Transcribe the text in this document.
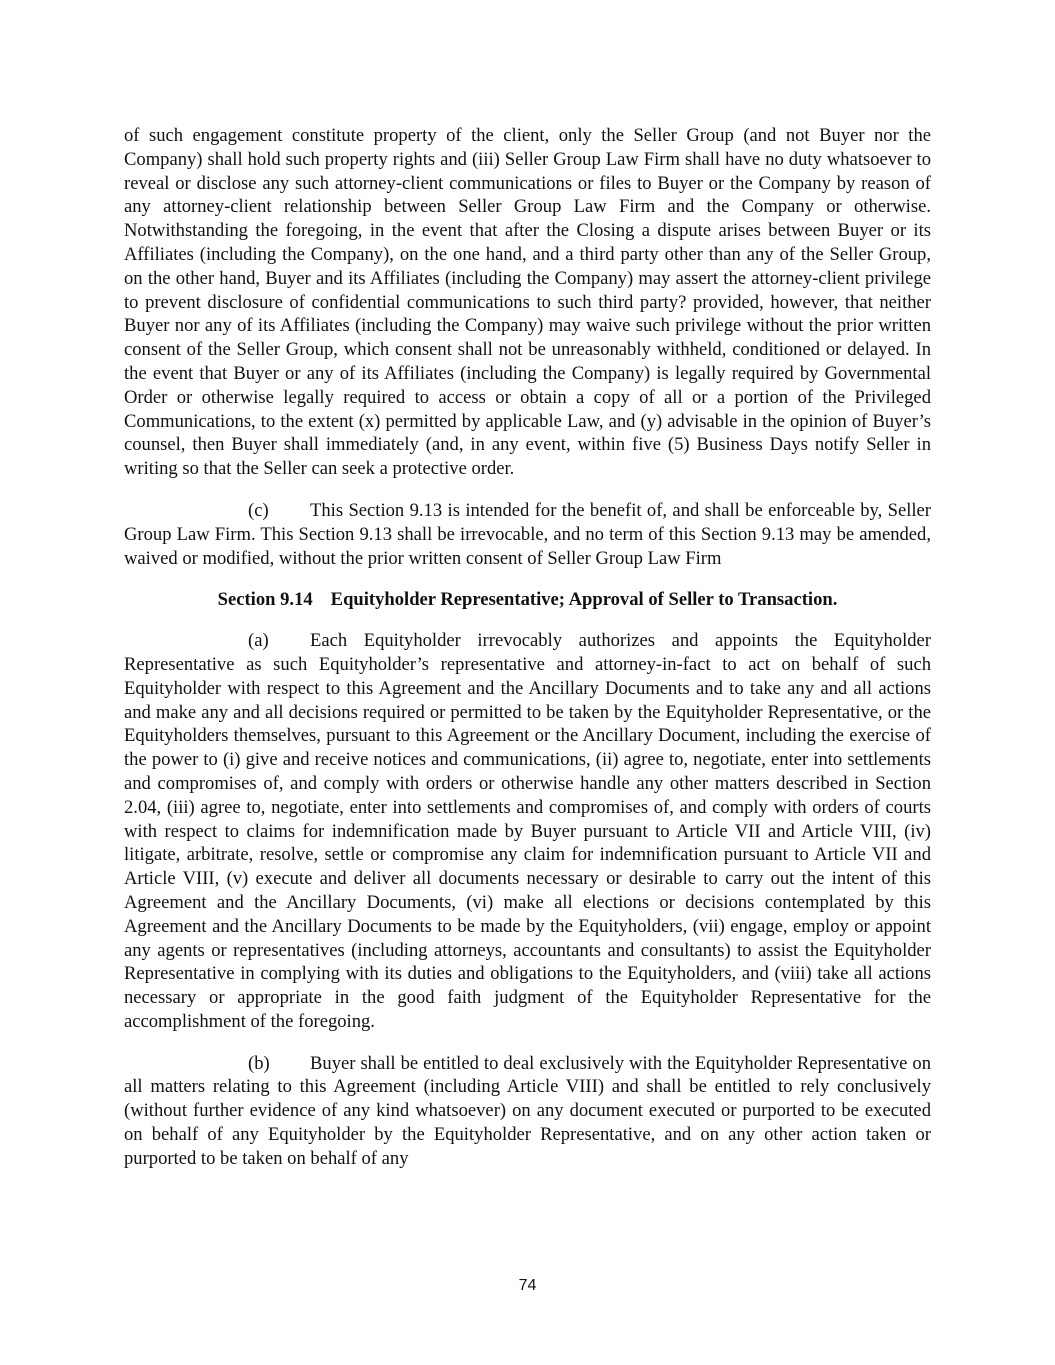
of such engagement constitute property of the client, only the Seller Group (and not Buyer nor the Company) shall hold such property rights and (iii) Seller Group Law Firm shall have no duty whatsoever to reveal or disclose any such attorney-client communications or files to Buyer or the Company by reason of any attorney-client relationship between Seller Group Law Firm and the Company or otherwise. Notwithstanding the foregoing, in the event that after the Closing a dispute arises between Buyer or its Affiliates (including the Company), on the one hand, and a third party other than any of the Seller Group, on the other hand, Buyer and its Affiliates (including the Company) may assert the attorney-client privilege to prevent disclosure of confidential communications to such third party? provided, however, that neither Buyer nor any of its Affiliates (including the Company) may waive such privilege without the prior written consent of the Seller Group, which consent shall not be unreasonably withheld, conditioned or delayed. In the event that Buyer or any of its Affiliates (including the Company) is legally required by Governmental Order or otherwise legally required to access or obtain a copy of all or a portion of the Privileged Communications, to the extent (x) permitted by applicable Law, and (y) advisable in the opinion of Buyer’s counsel, then Buyer shall immediately (and, in any event, within five (5) Business Days notify Seller in writing so that the Seller can seek a protective order.

(c) This Section 9.13 is intended for the benefit of, and shall be enforceable by, Seller Group Law Firm. This Section 9.13 shall be irrevocable, and no term of this Section 9.13 may be amended, waived or modified, without the prior written consent of Seller Group Law Firm

Section 9.14 Equityholder Representative; Approval of Seller to Transaction.

(a) Each Equityholder irrevocably authorizes and appoints the Equityholder Representative as such Equityholder’s representative and attorney-in-fact to act on behalf of such Equityholder with respect to this Agreement and the Ancillary Documents and to take any and all actions and make any and all decisions required or permitted to be taken by the Equityholder Representative, or the Equityholders themselves, pursuant to this Agreement or the Ancillary Document, including the exercise of the power to (i) give and receive notices and communications, (ii) agree to, negotiate, enter into settlements and compromises of, and comply with orders or otherwise handle any other matters described in Section 2.04, (iii) agree to, negotiate, enter into settlements and compromises of, and comply with orders of courts with respect to claims for indemnification made by Buyer pursuant to Article VII and Article VIII, (iv) litigate, arbitrate, resolve, settle or compromise any claim for indemnification pursuant to Article VII and Article VIII, (v) execute and deliver all documents necessary or desirable to carry out the intent of this Agreement and the Ancillary Documents, (vi) make all elections or decisions contemplated by this Agreement and the Ancillary Documents to be made by the Equityholders, (vii) engage, employ or appoint any agents or representatives (including attorneys, accountants and consultants) to assist the Equityholder Representative in complying with its duties and obligations to the Equityholders, and (viii) take all actions necessary or appropriate in the good faith judgment of the Equityholder Representative for the accomplishment of the foregoing.

(b) Buyer shall be entitled to deal exclusively with the Equityholder Representative on all matters relating to this Agreement (including Article VIII) and shall be entitled to rely conclusively (without further evidence of any kind whatsoever) on any document executed or purported to be executed on behalf of any Equityholder by the Equityholder Representative, and on any other action taken or purported to be taken on behalf of any

74
